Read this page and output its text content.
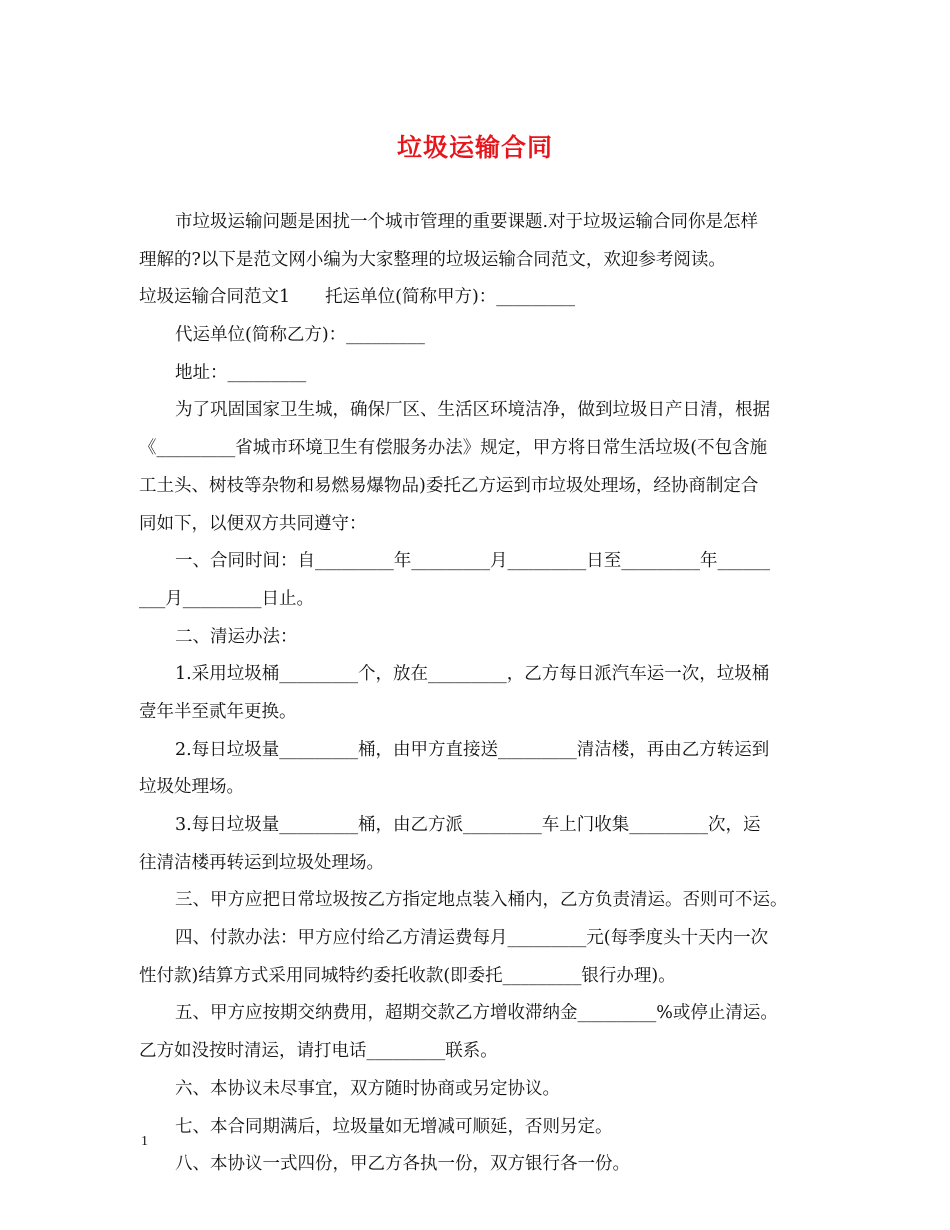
垃圾运输合同
市垃圾运输问题是困扰一个城市管理的重要课题.对于垃圾运输合同你是怎样
理解的?以下是范文网小编为大家整理的垃圾运输合同范文，欢迎参考阅读。
垃圾运输合同范文1　　托运单位(简称甲方)：_________
代运单位(简称乙方)：_________
地址：_________
为了巩固国家卫生城，确保厂区、生活区环境洁净，做到垃圾日产日清，根据
《_________省城市环境卫生有偿服务办法》规定，甲方将日常生活垃圾(不包含施
工土头、树枝等杂物和易燃易爆物品)委托乙方运到市垃圾处理场，经协商制定合
同如下，以便双方共同遵守：
一、合同时间：自_________年_________月_________日至_________年______
___月_________日止。
二、清运办法：
1.采用垃圾桶_________个，放在_________，乙方每日派汽车运一次，垃圾桶
壹年半至贰年更换。
2.每日垃圾量_________桶，由甲方直接送_________清洁楼，再由乙方转运到
垃圾处理场。
3.每日垃圾量_________桶，由乙方派_________车上门收集_________次，运
往清洁楼再转运到垃圾处理场。
三、甲方应把日常垃圾按乙方指定地点装入桶内，乙方负责清运。否则可不运。
四、付款办法：甲方应付给乙方清运费每月_________元(每季度头十天内一次
性付款)结算方式采用同城特约委托收款(即委托_________银行办理)。
五、甲方应按期交纳费用，超期交款乙方增收滞纳金_________%或停止清运。
乙方如没按时清运，请打电话_________联系。
六、本协议未尽事宜，双方随时协商或另定协议。
七、本合同期满后，垃圾量如无增减可顺延，否则另定。
八、本协议一式四份，甲乙方各执一份，双方银行各一份。
1
